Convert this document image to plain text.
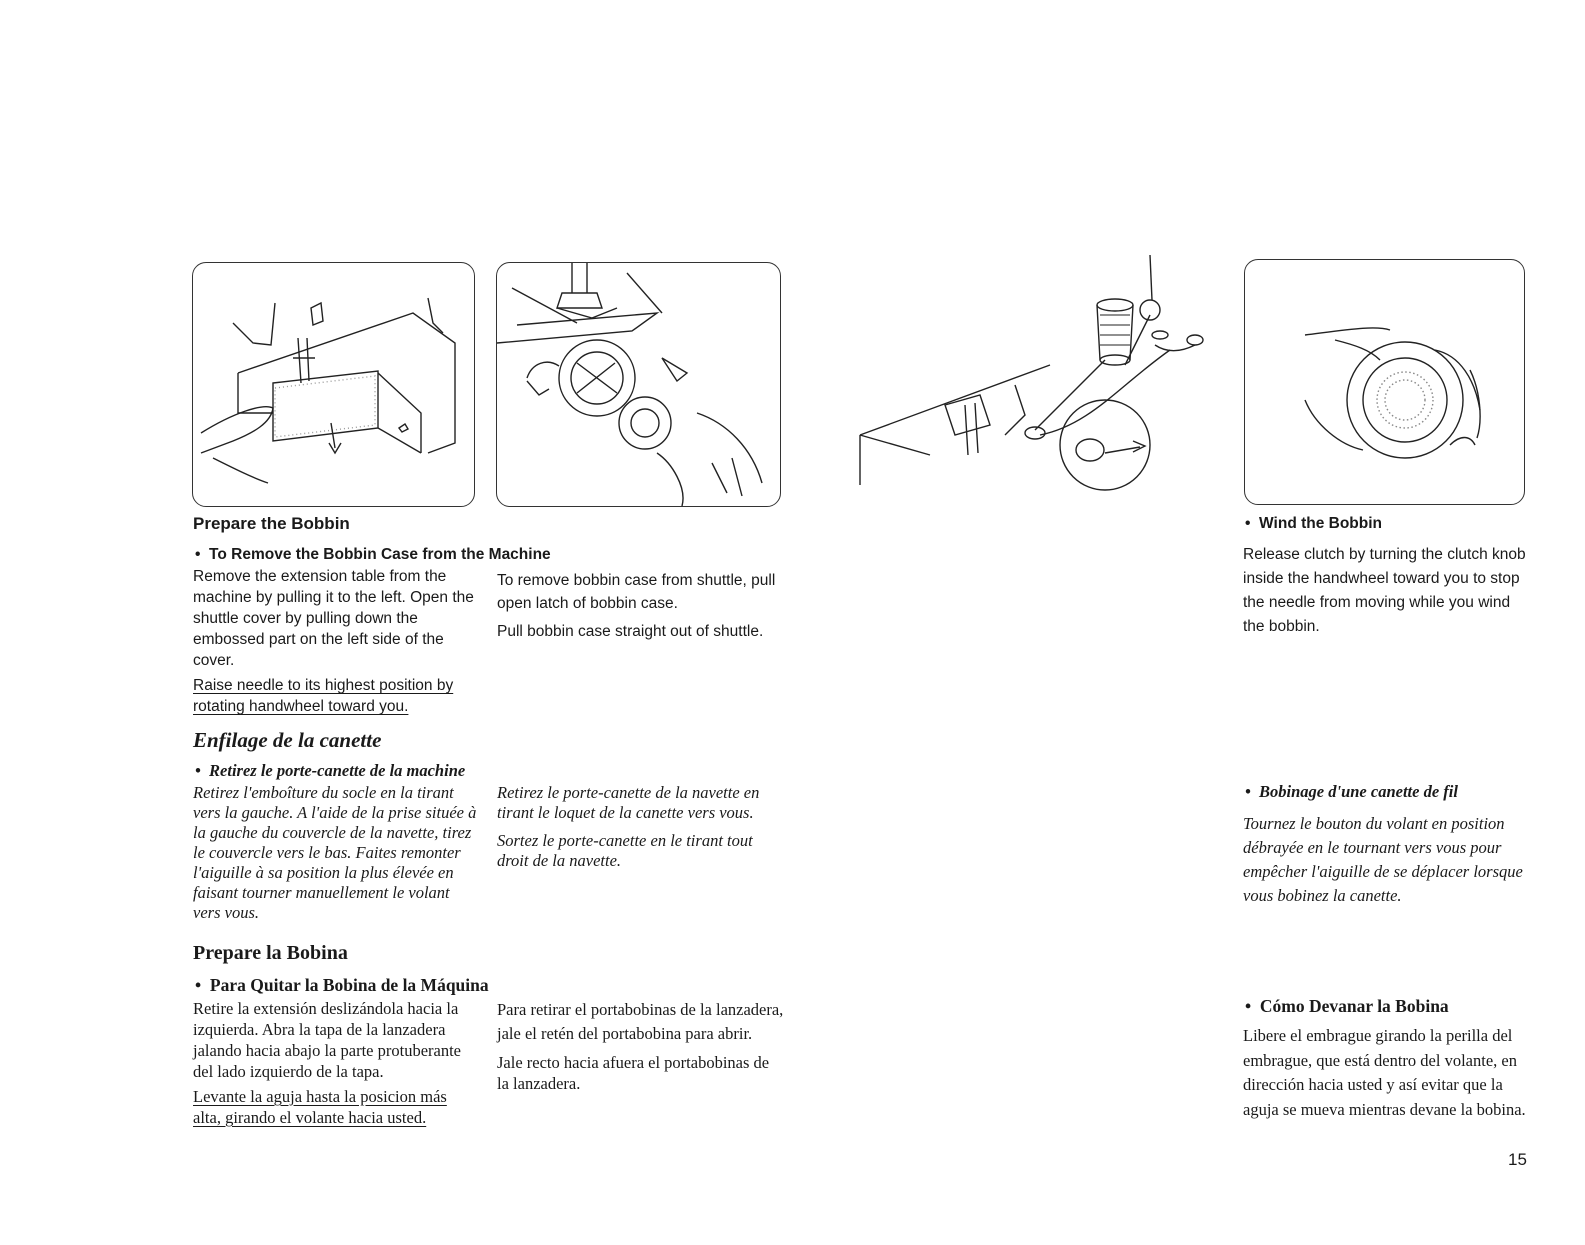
Prepare the Bobbin
•  To Remove the Bobbin Case from the Machine

Remove the extension table from the machine by pulling it to the left. Open the shuttle cover by pulling down the embossed part on the left side of the cover.

Raise needle to its highest position by rotating handwheel toward you.

To remove bobbin case from shuttle, pull open latch of bobbin case.

Pull bobbin case straight out of shuttle.

Enfilage de la canette
•  Retirez le porte-canette de la machine

Retirez l'emboîture du socle en la tirant vers la gauche. A l'aide de la prise située à la gauche du couvercle de la navette, tirez le couvercle vers le bas. Faites remonter l'aiguille à sa position la plus élevée en faisant tourner manuellement le volant vers vous.

Retirez le porte-canette de la navette en tirant le loquet de la canette vers vous.

Sortez le porte-canette en le tirant tout droit de la navette.

Prepare la Bobina
•  Para Quitar la Bobina de la Máquina

Retire la extensión deslizándola hacia la izquierda. Abra la tapa de la lanzadera jalando hacia abajo la parte protuberante del lado izquierdo de la tapa.

Levante la aguja hasta la posicion más alta, girando el volante hacia usted.

Para retirar el portabobinas de la lanzadera, jale el retén del portabobina para abrir.

Jale recto hacia afuera el portabobinas de la lanzadera.

•  Wind the Bobbin

Release clutch by turning the clutch knob inside the handwheel toward you to stop the needle from moving while you wind the bobbin.

•  Bobinage d'une canette de fil

Tournez le bouton du volant en position débrayée en le tournant vers vous pour empêcher l'aiguille de se déplacer lorsque vous bobinez la canette.

•  Cómo Devanar la Bobina

Libere el embrague girando la perilla del embrague, que está dentro del volante, en dirección hacia usted y así evitar que la aguja se mueva mientras devane la bobina.

15
